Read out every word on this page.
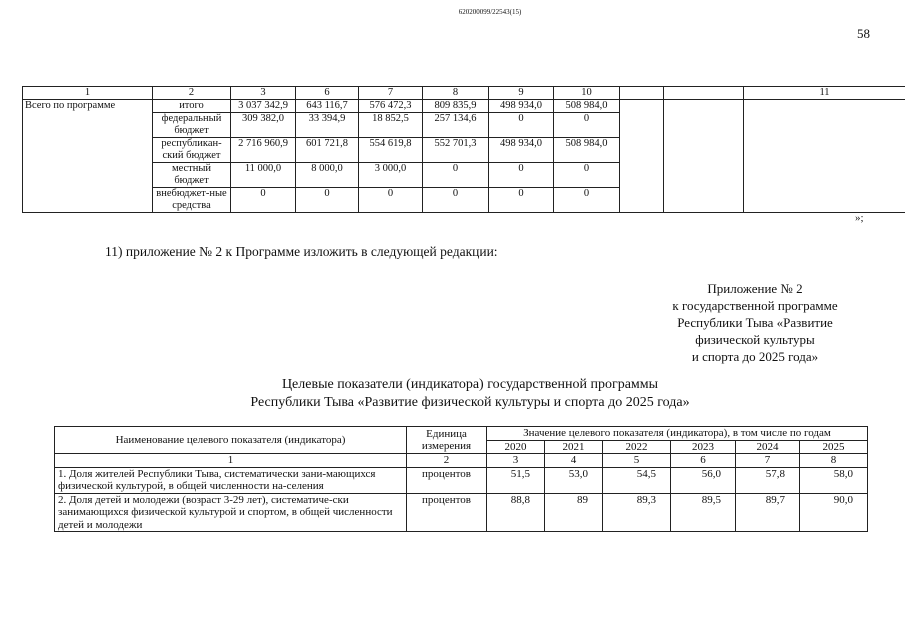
620200099/22543(15)
58
1	2	3	6	7	8	9	10			11
Всего по программе	итого	3 037 342,9	643 116,7	576 472,3	809 835,9	498 934,0	508 984,0			
	федеральный бюджет	309 382,0	33 394,9	18 852,5	257 134,6	0	0			
	республикан-ский бюджет	2 716 960,9	601 721,8	554 619,8	552 701,3	498 934,0	508 984,0			
	местный бюджет	11 000,0	8 000,0	3 000,0	0	0	0			
	внебюджет-ные средства	0	0	0	0	0	0			
»;
11) приложение № 2 к Программе изложить в следующей редакции:
Приложение № 2
к государственной программе
Республики Тыва «Развитие
физической культуры
и спорта до 2025 года»
Целевые показатели (индикатора) государственной программы
Республики Тыва «Развитие физической культуры и спорта до 2025 года»
Наименование целевого показателя (индикатора)	Единица измерения	Значение целевого показателя (индикатора), в том числе по годам					
		2020	2021	2022	2023	2024	2025
1	2	3	4	5	6	7	8
1. Доля жителей Республики Тыва, систематически зани-мающихся физической культурой, в общей численности на-селения	процентов	51,5	53,0	54,5	56,0	57,8	58,0
2. Доля детей и молодежи (возраст 3-29 лет), систематиче-ски занимающихся физической культурой и спортом, в общей численности детей и молодежи	процентов	88,8	89	89,3	89,5	89,7	90,0
